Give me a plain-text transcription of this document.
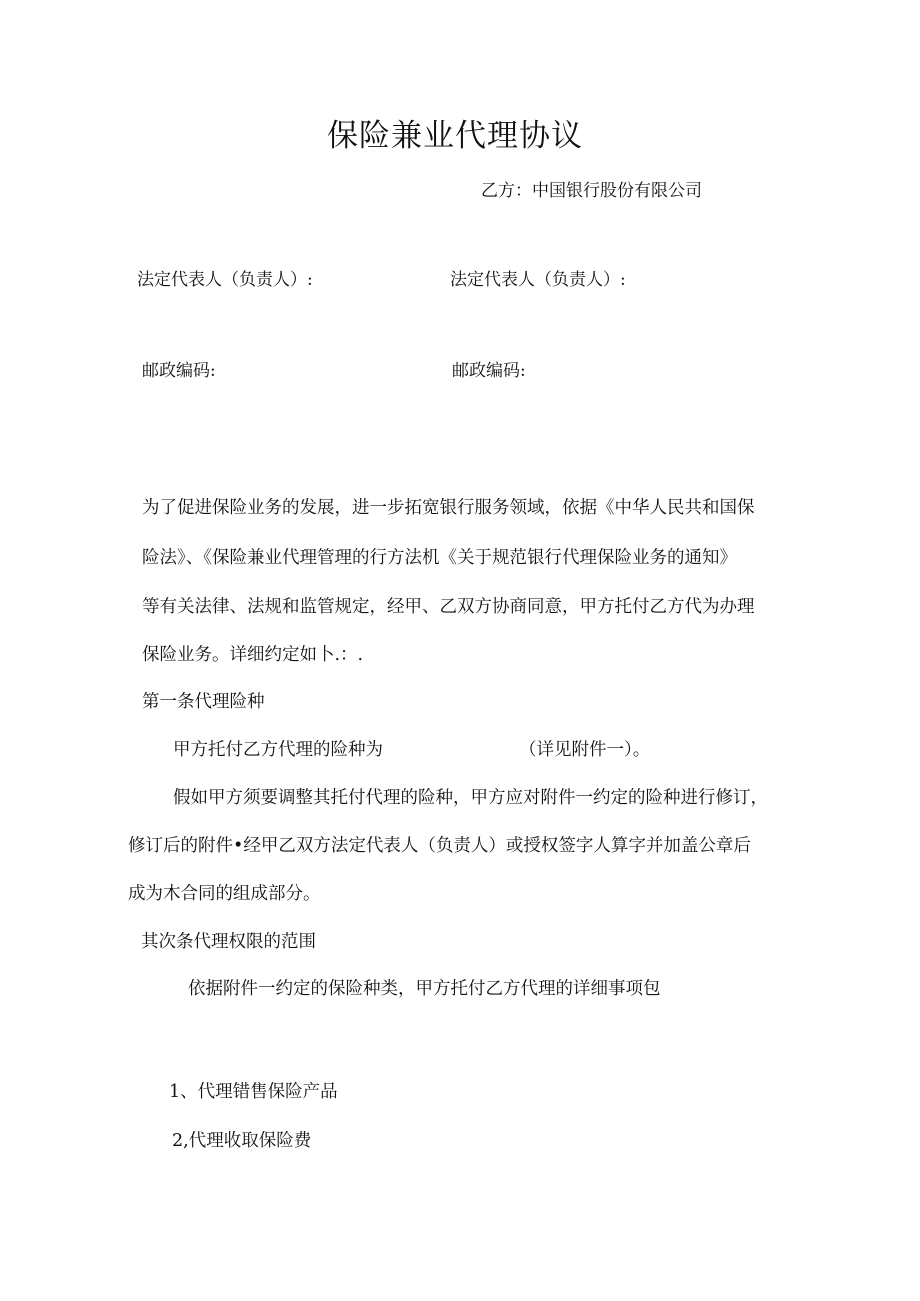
保险兼业代理协议
乙方：中国银行股份有限公司
法定代表人（负责人）:	法定代表人（负责人）:
邮政编码:	邮政编码:
为了促进保险业务的发展，进一步拓宽银行服务领域，依据《中华人民共和国保
险法》、《保险兼业代理管理的行方法机《关于规范银行代理保险业务的通知》
等有关法律、法规和监管规定，经甲、乙双方协商同意，甲方托付乙方代为办理
保险业务。详细约定如卜.：.
第一条代理险种
甲方托付乙方代理的险种为	（详见附件一）。
假如甲方须要调整其托付代理的险种，甲方应对附件一约定的险种进行修订，
修订后的附件•经甲乙双方法定代表人（负责人）或授权签字人算字并加盖公章后
成为木合同的组成部分。
其次条代理权限的范围
依据附件一约定的保险种类，甲方托付乙方代理的详细事项包
1、代理错售保险产品
2,代理收取保险费
